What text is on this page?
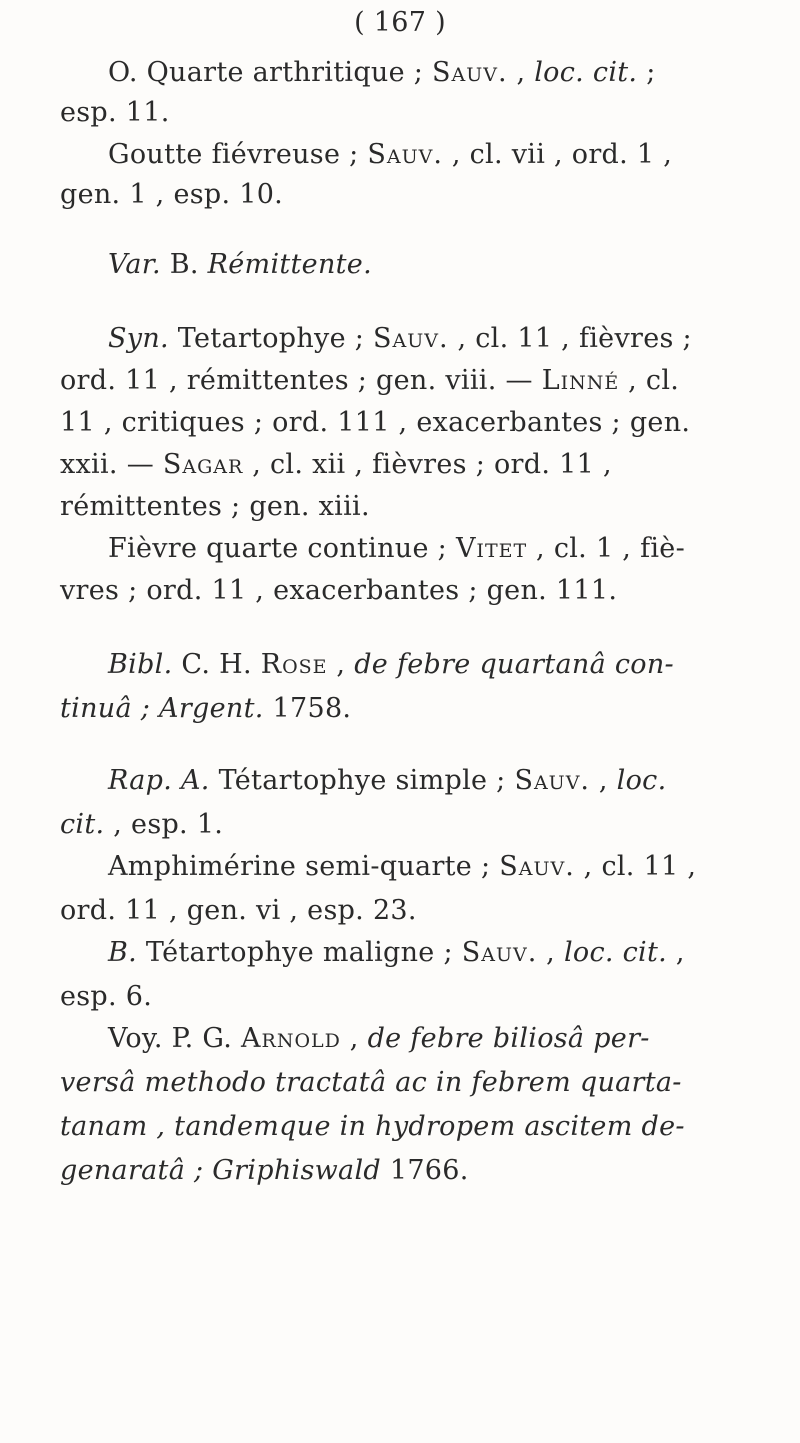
( 167 )
O. Quarte arthritique ; Sauv. , loc. cit. ;
esp. 11.
Goutte fiévreuse ; Sauv. , cl. vii , ord. 1 ,
gen. 1 , esp. 10.
Var. B. Rémittente.
Syn. Tetartophye ; Sauv. , cl. 11 , fièvres ;
ord. 11 , rémittentes ; gen. viii. — Linné , cl.
11 , critiques ; ord. 111 , exacerbantes ; gen.
xxii. — Sagar , cl. xii , fièvres ; ord. 11 ,
rémittentes ; gen. xiii.
Fièvre quarte continue ; Vitet , cl. 1 , fiè-
vres ; ord. 11 , exacerbantes ; gen. 111.
Bibl. C. H. Rose , de febre quartanâ con-
tinuâ ; Argent. 1758.
Rap. A. Tétartophye simple ; Sauv. , loc.
cit. , esp. 1.
Amphimérine semi-quarte ; Sauv. , cl. 11 ,
ord. 11 , gen. vi , esp. 23.
B. Tétartophye maligne ; Sauv. , loc. cit. ,
esp. 6.
Voy. P. G. Arnold , de febre biliosâ per-
versâ methodo tractatâ ac in febrem quarta-
tanam , tandemque in hydropem ascitem de-
genaratâ ; Griphiswald 1766.
